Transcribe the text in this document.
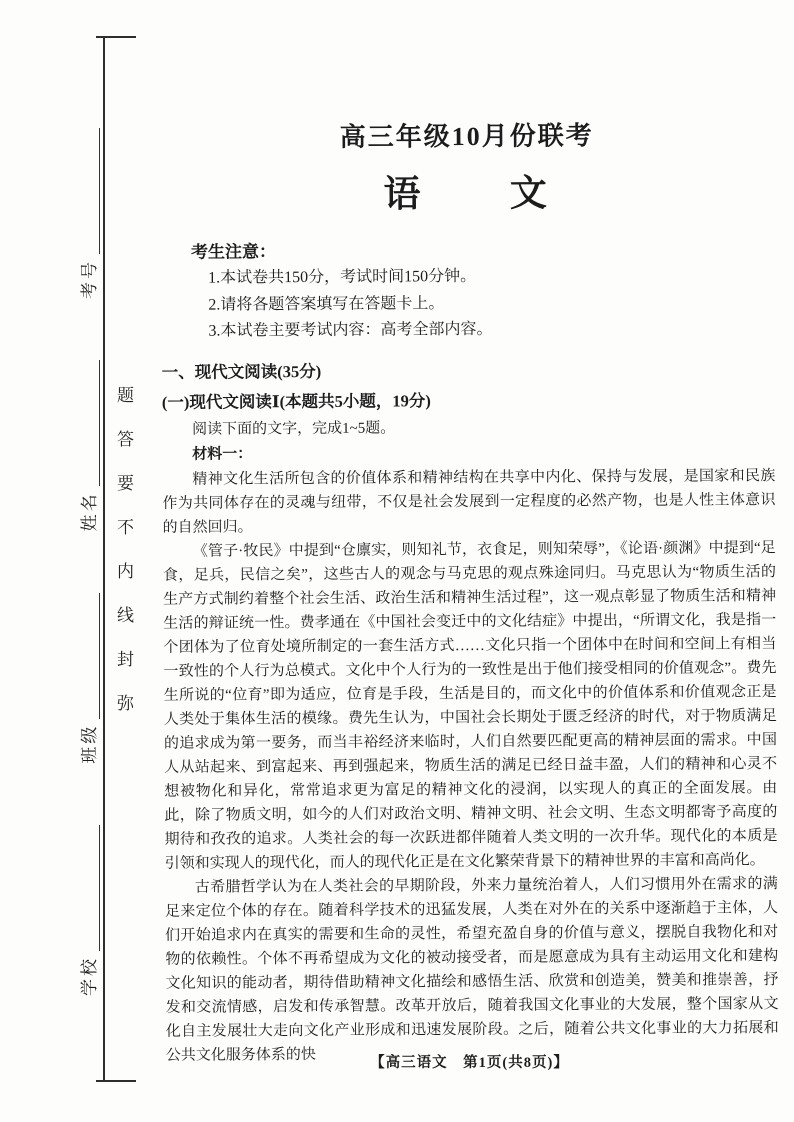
学校
班级
姓名
考号
题答要不内线封弥
高三年级10月份联考
语 文
考生注意：
1.本试卷共150分，考试时间150分钟。
2.请将各题答案填写在答题卡上。
3.本试卷主要考试内容：高考全部内容。
一、现代文阅读(35分)
(一)现代文阅读Ⅰ(本题共5小题，19分)
阅读下面的文字，完成1~5题。
材料一：

精神文化生活所包含的价值体系和精神结构在共享中内化、保持与发展，是国家和民族作为共同体存在的灵魂与纽带，不仅是社会发展到一定程度的必然产物，也是人性主体意识的自然回归。

《管子·牧民》中提到“仓廪实，则知礼节，衣食足，则知荣辱”，《论语·颜渊》中提到“足食，足兵，民信之矣”，这些古人的观念与马克思的观点殊途同归。马克思认为“物质生活的生产方式制约着整个社会生活、政治生活和精神生活过程”，这一观点彰显了物质生活和精神生活的辩证统一性。费孝通在《中国社会变迁中的文化结症》中提出，“所谓文化，我是指一个团体为了位育处境所制定的一套生活方式……文化只指一个团体中在时间和空间上有相当一致性的个人行为总模式。文化中个人行为的一致性是出于他们接受相同的价值观念”。费先生所说的“位育”即为适应，位育是手段，生活是目的，而文化中的价值体系和价值观念正是人类处于集体生活的模缘。费先生认为，中国社会长期处于匮乏经济的时代，对于物质满足的追求成为第一要务，而当丰裕经济来临时，人们自然要匹配更高的精神层面的需求。中国人从站起来、到富起来、再到强起来，物质生活的满足已经日益丰盈，人们的精神和心灵不想被物化和异化，常常追求更为富足的精神文化的浸润，以实现人的真正的全面发展。由此，除了物质文明，如今的人们对政治文明、精神文明、社会文明、生态文明都寄予高度的期待和孜孜的追求。人类社会的每一次跃进都伴随着人类文明的一次升华。现代化的本质是引领和实现人的现代化，而人的现代化正是在文化繁荣背景下的精神世界的丰富和高尚化。

古希腊哲学认为在人类社会的早期阶段，外来力量统治着人，人们习惯用外在需求的满足来定位个体的存在。随着科学技术的迅猛发展，人类在对外在的关系中逐渐趋于主体，人们开始追求内在真实的需要和生命的灵性，希望充盈自身的价值与意义，摆脱自我物化和对物的依赖性。个体不再希望成为文化的被动接受者，而是愿意成为具有主动运用文化和建构文化知识的能动者，期待借助精神文化描绘和感悟生活、欣赏和创造美，赞美和推崇善，抒发和交流情感，启发和传承智慧。改革开放后，随着我国文化事业的大发展，整个国家从文化自主发展壮大走向文化产业形成和迅速发展阶段。之后，随着公共文化事业的大力拓展和公共文化服务体系的快	【高三语文　第1页(共8页)】
